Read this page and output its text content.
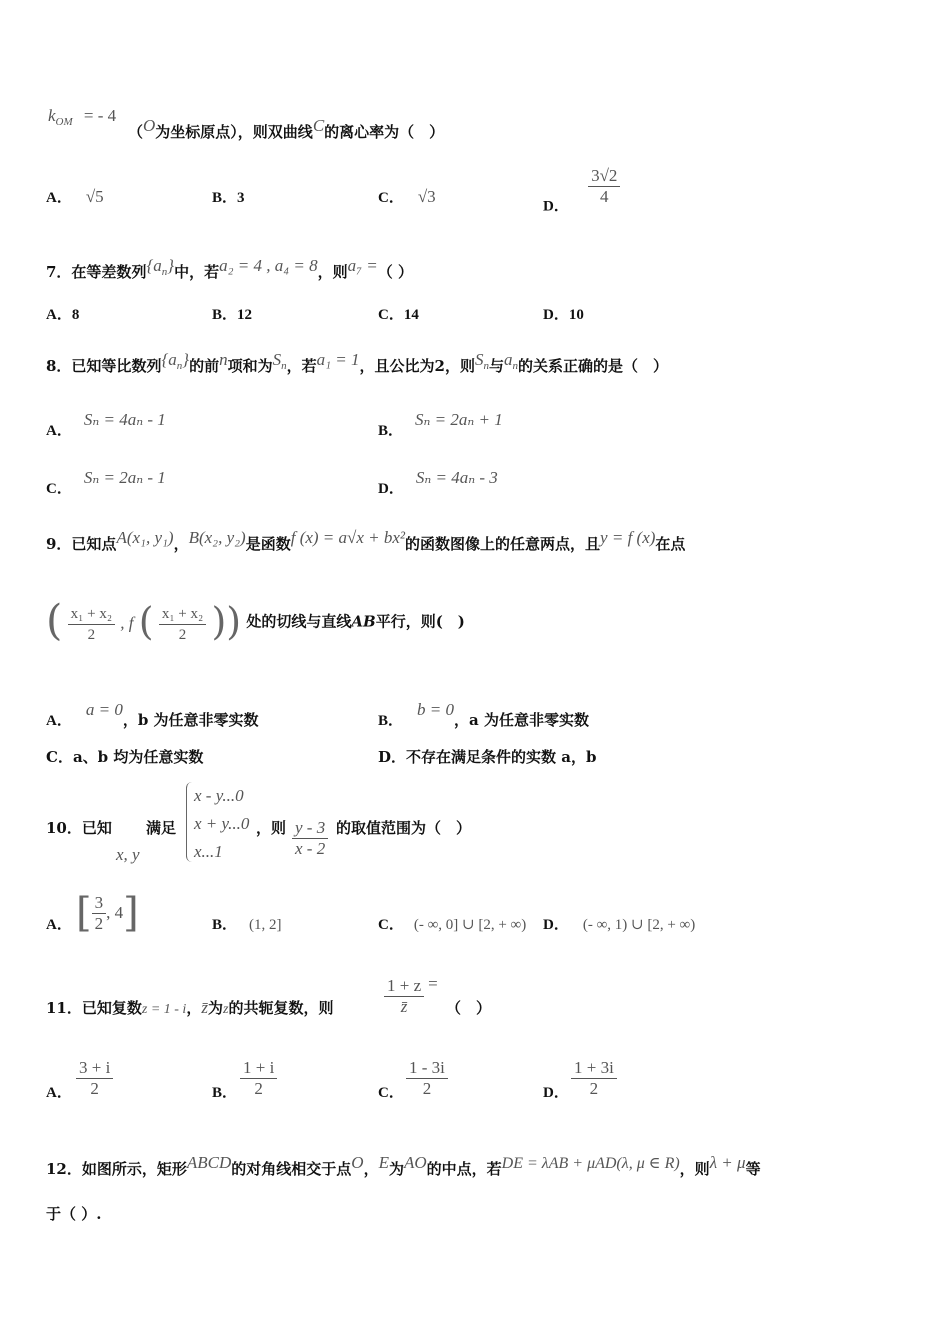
$k_{OM}$ = - 4
（O为坐标原点），则双曲线C的离心率为（　）
A． √5	B．3	C． √3
D． $\frac{3√2}{4}$
7．在等差数列$\{a_n\}$中，若a₂ = 4 , a₄ = 8，则a₇ =（ ）
A．8	B．12	C．14	D．10
8．已知等比数列$\{a_n\}$的前n项和为$S_n$，若a₁ = 1，且公比为2，则$S_n$与$a_n$的关系正确的是（　）
A．Sₙ = 4aₙ - 1
B．Sₙ = 2aₙ + 1
C．Sₙ = 2aₙ - 1
D．Sₙ = 4aₙ - 3
9．已知点A(x₁, y₁)，B(x₂, y₂)是函数f (x) = a√x + bx²的函数图像上的任意两点，且y = f (x)在点
( $\frac{\text{x₁ + x₂}}{2}$ , f ( $\frac{\text{x₁ + x₂}}{2}$ )) 处的切线与直线AB平行，则(　)
A．a = 0，b 为任意非零实数	B．b = 0，a 为任意非零实数
C．a、b 均为任意实数	D．不存在满足条件的实数 a，b
10．已知
x, y
满足
x - y...0
x + y...0
x...1
，则 $\frac{y - 3}{x - 2}$ 的取值范围为（　）
A． [ $\frac{3}{2}$ , 4]	B． (1, 2]	C． (- ∞, 0] ∪ [2, + ∞) D． (- ∞, 1) ∪ [2, + ∞)
11．已知复数z = 1 - i，z̄为z的共轭复数，则	$\frac{1 + z}{z̄}$ =
（　）
A． $\frac{3 + i}{2}$	B． $\frac{1 + i}{2}$	C． $\frac{1 - 3i}{2}$	D． $\frac{1 + 3i}{2}$
12．如图所示，矩形ABCD的对角线相交于点O，E为AO的中点，若DE = λAB + μAD(λ, μ ∈ R)，则λ + μ等
于（ ）.
